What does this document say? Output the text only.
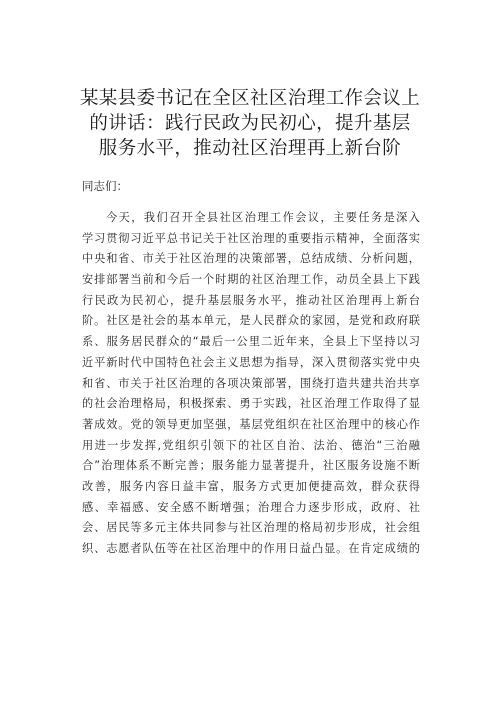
某某县委书记在全区社区治理工作会议上
的讲话：践行民政为民初心，提升基层
服务水平，推动社区治理再上新台阶
同志们：
今天，我们召开全县社区治理工作会议，主要任务是深入
学习贯彻习近平总书记关于社区治理的重要指示精神，全面落实
中央和省、市关于社区治理的决策部署，总结成绩、分析问题，
安排部署当前和今后一个时期的社区治理工作，动员全县上下践
行民政为民初心，提升基层服务水平，推动社区治理再上新台
阶。社区是社会的基本单元，是人民群众的家园，是党和政府联
系、服务居民群众的“最后一公里二近年来，全县上下坚持以习
近平新时代中国特色社会主义思想为指导，深入贯彻落实党中央
和省、市关于社区治理的各项决策部署，围绕打造共建共治共享
的社会治理格局，积极探索、勇于实践，社区治理工作取得了显
著成效。党的领导更加坚强，基层党组织在社区治理中的核心作
用进一步发挥,党组织引领下的社区自治、法治、德治“三治融
合”治理体系不断完善；服务能力显著提升，社区服务设施不断
改善，服务内容日益丰富，服务方式更加便捷高效，群众获得
感、幸福感、安全感不断增强；治理合力逐步形成，政府、社
会、居民等多元主体共同参与社区治理的格局初步形成，社会组
织、志愿者队伍等在社区治理中的作用日益凸显。在肯定成绩的
